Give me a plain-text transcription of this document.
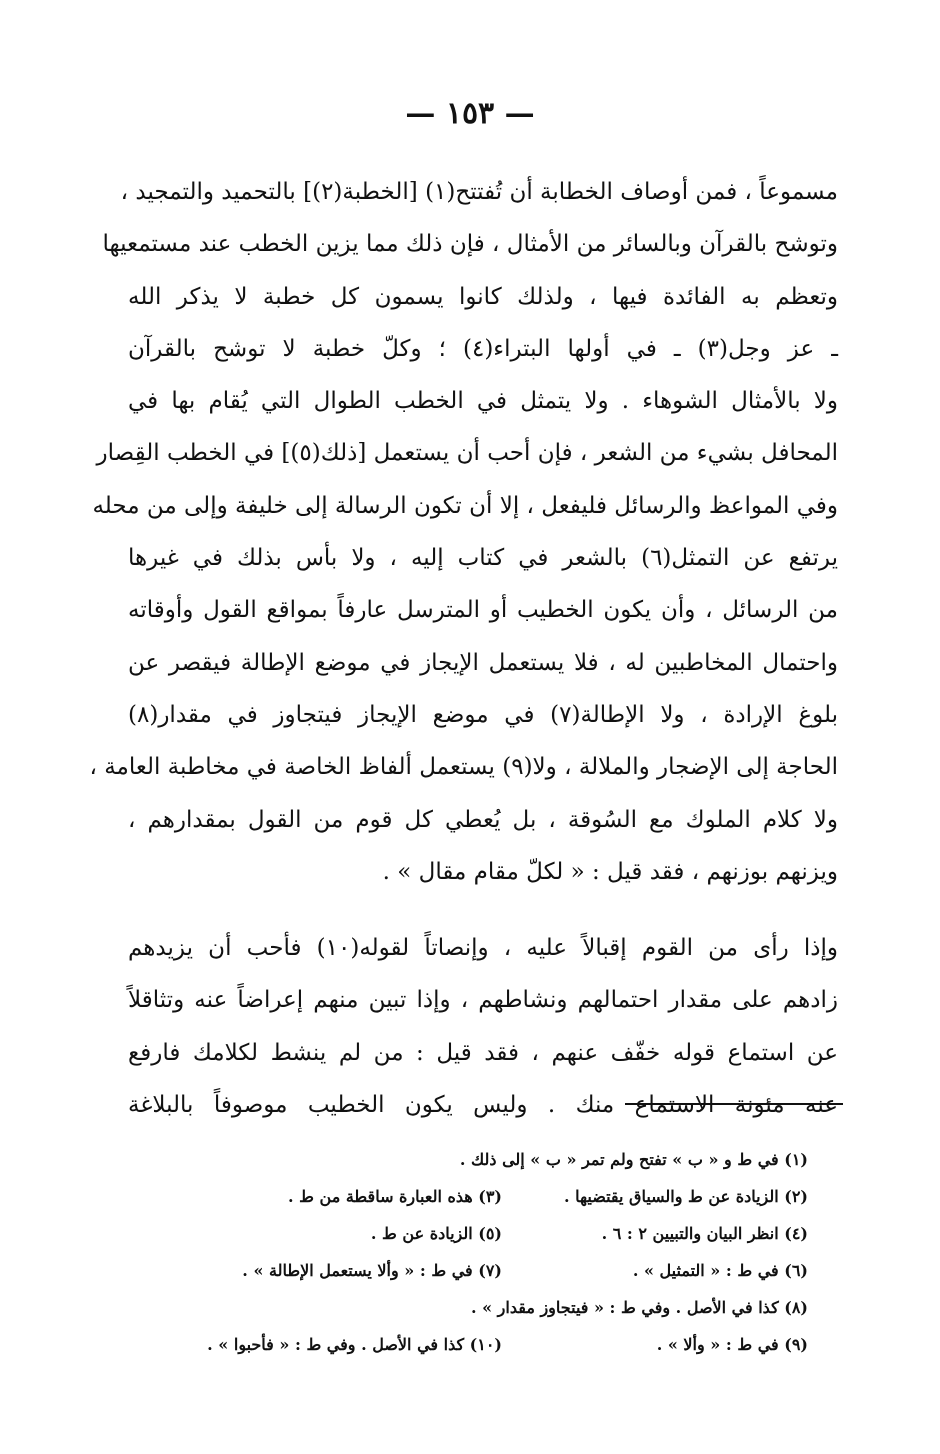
— ١٥٣ —
مسموعاً ، فمن أوصاف الخطابة أن تُفتتح(١) [الخطبة(٢)] بالتحميد والتمجيد ،
وتوشح بالقرآن وبالسائر من الأمثال ، فإن ذلك مما يزين الخطب عند مستمعيها
وتعظم به الفائدة فيها ، ولذلك كانوا يسمون كل خطبة لا يذكر الله
ـ عز وجل(٣) ـ في أولها البتراء(٤) ؛ وكلّ خطبة لا توشح بالقرآن
ولا بالأمثال الشوهاء . ولا يتمثل في الخطب الطوال التي يُقام بها في
المحافل بشيء من الشعر ، فإن أحب أن يستعمل [ذلك(٥)] في الخطب القِصار
وفي المواعظ والرسائل فليفعل ، إلا أن تكون الرسالة إلى خليفة وإلى من محله
يرتفع عن التمثل(٦) بالشعر في كتاب إليه ، ولا بأس بذلك في غيرها
من الرسائل ، وأن يكون الخطيب أو المترسل عارفاً بمواقع القول وأوقاته
واحتمال المخاطبين له ، فلا يستعمل الإيجاز في موضع الإطالة فيقصر عن
بلوغ الإرادة ، ولا الإطالة(٧) في موضع الإيجاز فيتجاوز في مقدار(٨)
الحاجة إلى الإضجار والملالة ، ولا(٩) يستعمل ألفاظ الخاصة في مخاطبة العامة ،
ولا كلام الملوك مع السُوقة ، بل يُعطي كل قوم من القول بمقدارهم ،
ويزنهم بوزنهم ، فقد قيل : « لكلّ مقام مقال » .
وإذا رأى من القوم إقبالاً عليه ، وإنصاتاً لقوله(١٠) فأحب أن يزيدهم
زادهم على مقدار احتمالهم ونشاطهم ، وإذا تبين منهم إعراضاً عنه وتثاقلاً
عن استماع قوله خفّف عنهم ، فقد قيل : من لم ينشط لكلامك فارفع
عنه مئونة الاستماع منك . وليس يكون الخطيب موصوفاً بالبلاغة
(١) في ط و « ب » تفتح ولم تمر « ب » إلى ذلك .
(٢) الزيادة عن ط والسياق يقتضيها .
(٣) هذه العبارة ساقطة من ط .
(٤) انظر البيان والتبيين ٢ : ٦ .
(٥) الزيادة عن ط .
(٦) في ط : « التمثيل » .
(٧) في ط : « وألا يستعمل الإطالة » .
(٨) كذا في الأصل . وفي ط : « فيتجاوز مقدار » .
(٩) في ط : « وألا » .
(١٠) كذا في الأصل . وفي ط : « فأحبوا » .
